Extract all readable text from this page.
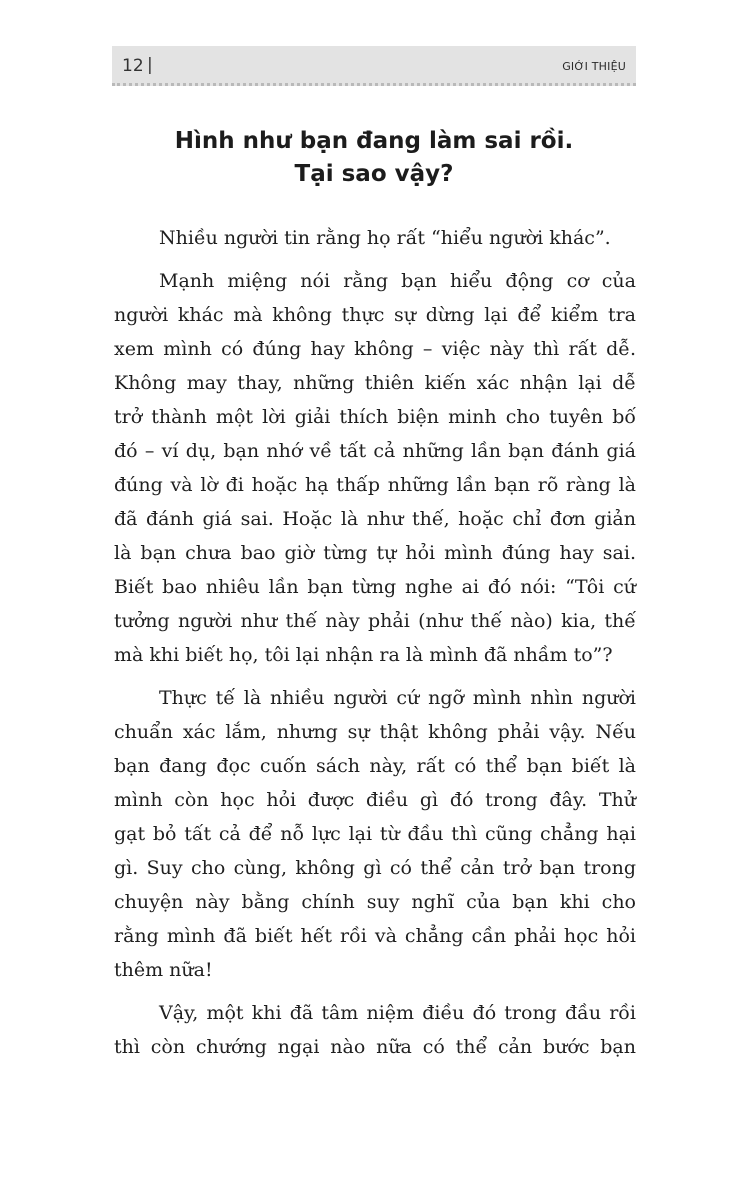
12 |	GIỚI THIỆU
Hình như bạn đang làm sai rồi.
Tại sao vậy?
Nhiều người tin rằng họ rất “hiểu người khác”.
Mạnh miệng nói rằng bạn hiểu động cơ của
người khác mà không thực sự dừng lại để kiểm tra
xem mình có đúng hay không – việc này thì rất dễ.
Không may thay, những thiên kiến xác nhận lại dễ
trở thành một lời giải thích biện minh cho tuyên bố
đó – ví dụ, bạn nhớ về tất cả những lần bạn đánh giá
đúng và lờ đi hoặc hạ thấp những lần bạn rõ ràng là
đã đánh giá sai. Hoặc là như thế, hoặc chỉ đơn giản
là bạn chưa bao giờ từng tự hỏi mình đúng hay sai.
Biết bao nhiêu lần bạn từng nghe ai đó nói: “Tôi cứ
tưởng người như thế này phải (như thế nào) kia, thế
mà khi biết họ, tôi lại nhận ra là mình đã nhầm to”?
Thực tế là nhiều người cứ ngỡ mình nhìn người
chuẩn xác lắm, nhưng sự thật không phải vậy. Nếu
bạn đang đọc cuốn sách này, rất có thể bạn biết là
mình còn học hỏi được điều gì đó trong đây. Thử
gạt bỏ tất cả để nỗ lực lại từ đầu thì cũng chẳng hại
gì. Suy cho cùng, không gì có thể cản trở bạn trong
chuyện này bằng chính suy nghĩ của bạn khi cho
rằng mình đã biết hết rồi và chẳng cần phải học hỏi
thêm nữa!
Vậy, một khi đã tâm niệm điều đó trong đầu rồi
thì còn chướng ngại nào nữa có thể cản bước bạn
